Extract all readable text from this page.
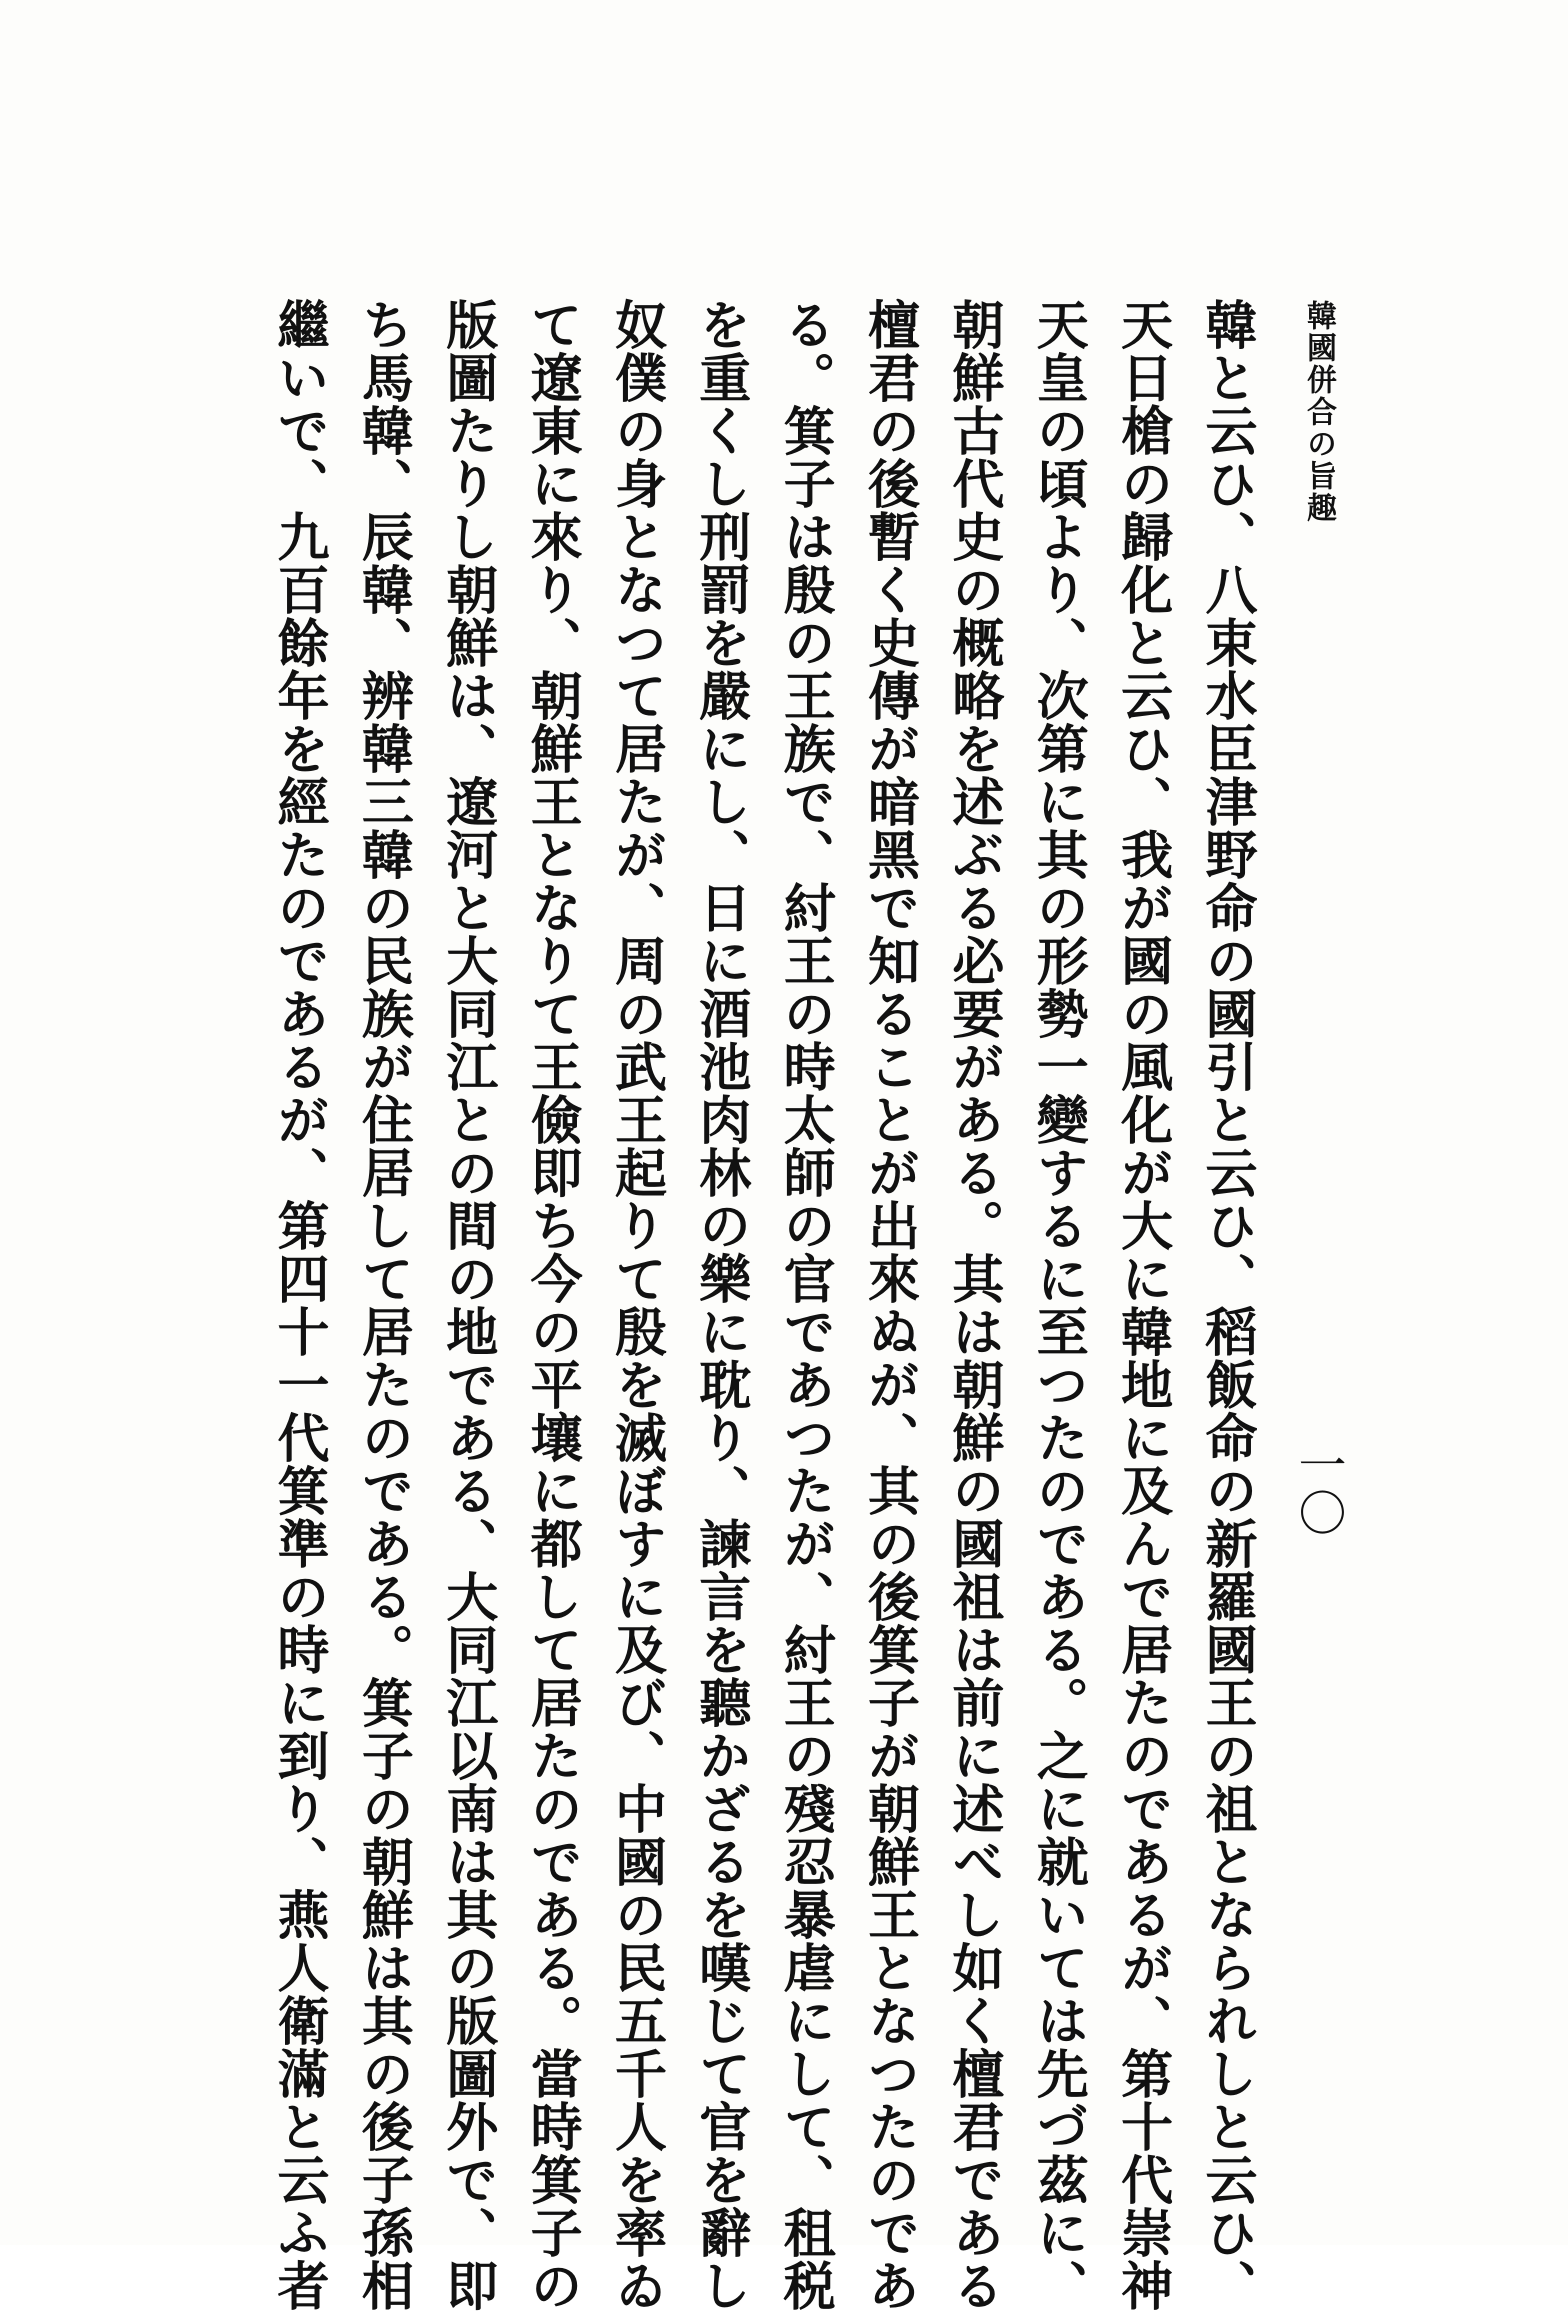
韓國併合の旨趣
一〇
韓と云ひ、八束水臣津野命の國引と云ひ、稻飯命の新羅國王の祖となられしと云ひ、
天日槍の歸化と云ひ、我が國の風化が大に韓地に及んで居たのであるが、第十代崇神
天皇の頃より、次第に其の形勢一變するに至つたのである。之に就いては先づ茲に、
朝鮮古代史の概略を述ぶる必要がある。其は朝鮮の國祖は前に述べし如く檀君である
檀君の後暫く史傳が暗黑で知ることが出來ぬが、其の後箕子が朝鮮王となつたのであ
る。箕子は殷の王族で、紂王の時太師の官であつたが、紂王の殘忍暴虐にして、租税
を重くし刑罰を嚴にし、日に酒池肉林の樂に耽り、諫言を聽かざるを嘆じて官を辭し
奴僕の身となつて居たが、周の武王起りて殷を滅ぼすに及び、中國の民五千人を率ゐ
て遼東に來り、朝鮮王となりて王儉即ち今の平壤に都して居たのである。當時箕子の
版圖たりし朝鮮は、遼河と大同江との間の地である、大同江以南は其の版圖外で、即
ち馬韓、辰韓、辨韓三韓の民族が住居して居たのである。箕子の朝鮮は其の後子孫相
繼いで、九百餘年を經たのであるが、第四十一代箕準の時に到り、燕人衛滿と云ふ者
